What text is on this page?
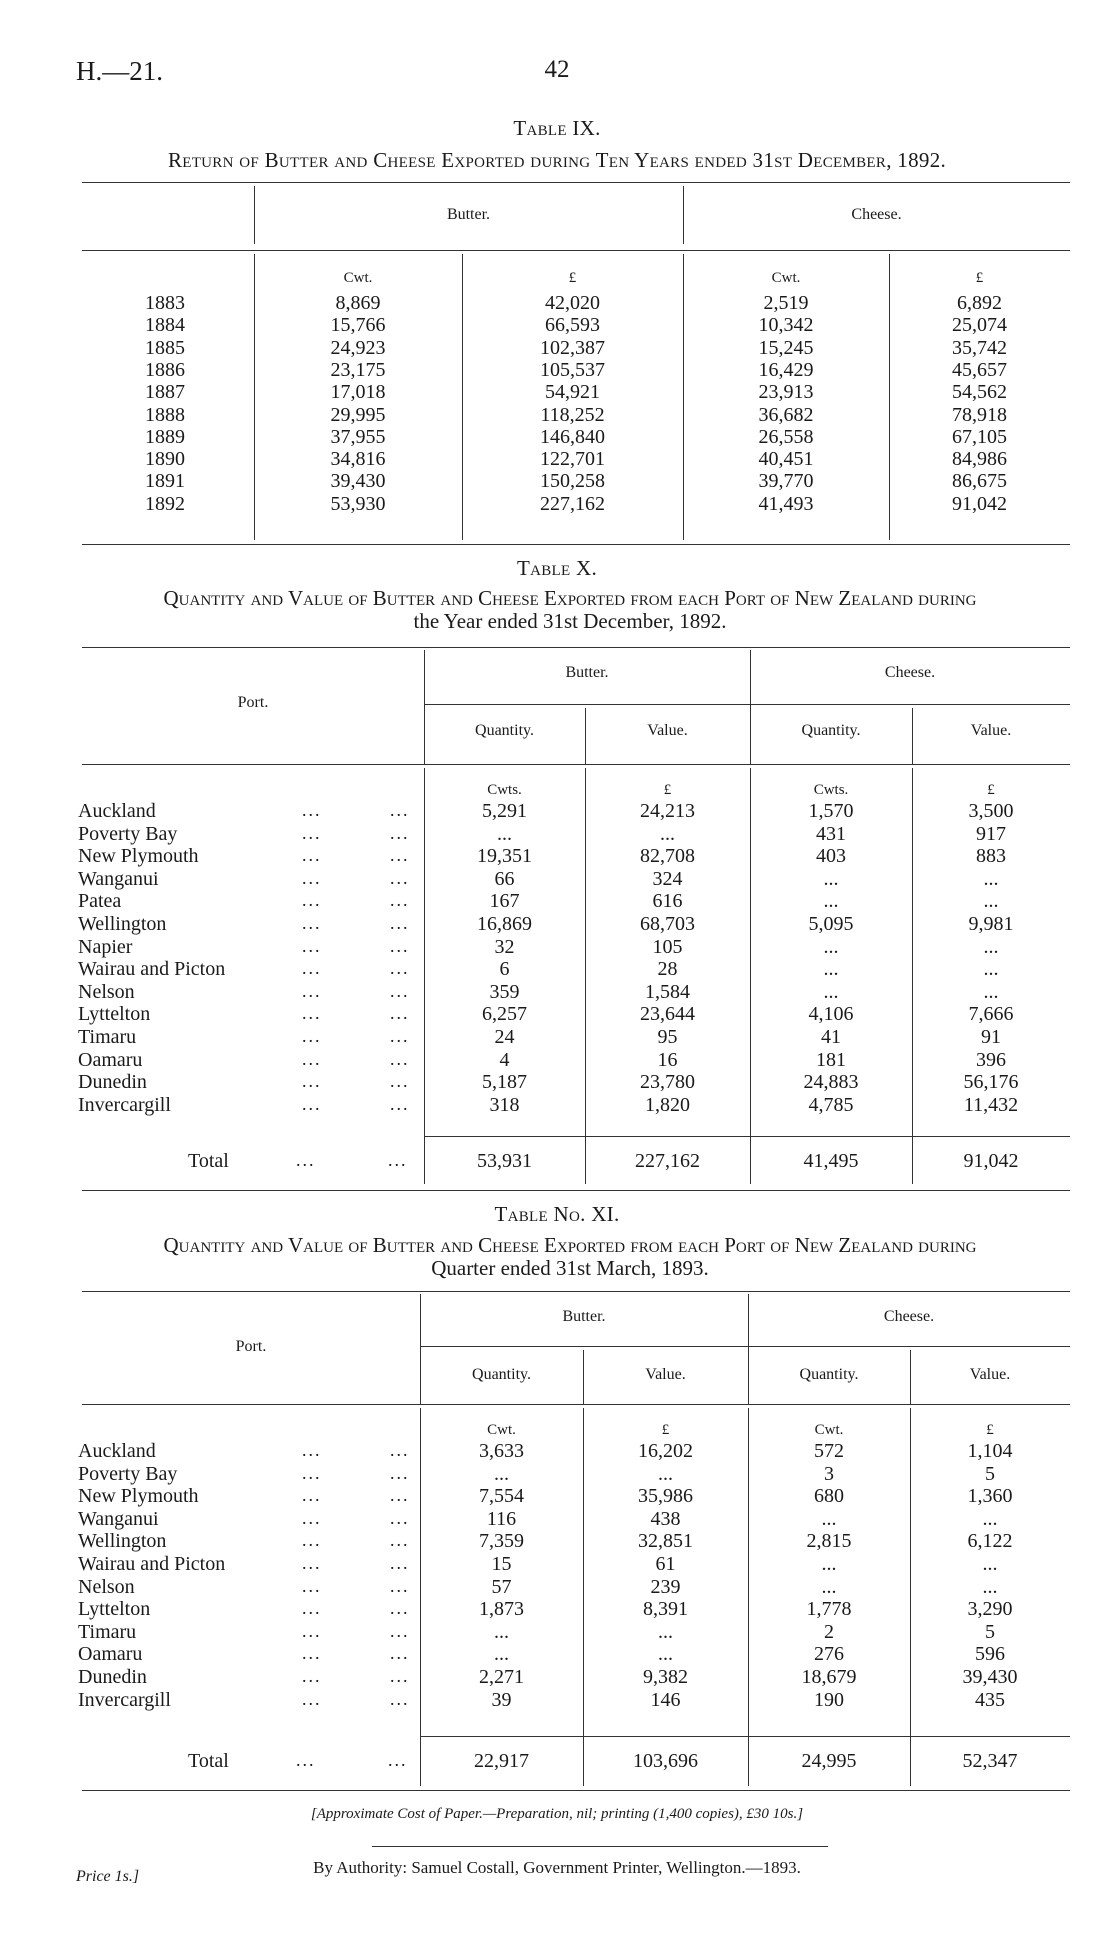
H.—21.	42
Table IX.
Return of Butter and Cheese Exported during Ten Years ended 31st December, 1892.
Butter.	Cheese.
Cwt.	£	Cwt.	£
1883	8,869	42,020	2,519	6,892
1884	15,766	66,593	10,342	25,074
1885	24,923	102,387	15,245	35,742
1886	23,175	105,537	16,429	45,657
1887	17,018	54,921	23,913	54,562
1888	29,995	118,252	36,682	78,918
1889	37,955	146,840	26,558	67,105
1890	34,816	122,701	40,451	84,986
1891	39,430	150,258	39,770	86,675
1892	53,930	227,162	41,493	91,042
Table X.
Quantity and Value of Butter and Cheese Exported from each Port of New Zealand during
the Year ended 31st December, 1892.
Port.
Butter.	Cheese.
Quantity.	Value.	Quantity.	Value.
Cwts.	£	Cwts.	£
Auckland	...	...	5,291	24,213	1,570	3,500
Poverty Bay	...	...	...	...	431	917
New Plymouth	...	...	19,351	82,708	403	883
Wanganui	...	...	66	324	...	...
Patea	...	...	167	616	...	...
Wellington	...	...	16,869	68,703	5,095	9,981
Napier	...	...	32	105	...	...
Wairau and Picton	...	...	6	28	...	...
Nelson	...	...	359	1,584	...	...
Lyttelton	...	...	6,257	23,644	4,106	7,666
Timaru	...	...	24	95	41	91
Oamaru	...	...	4	16	181	396
Dunedin	...	...	5,187	23,780	24,883	56,176
Invercargill	...	...	318	1,820	4,785	11,432
Total	...	...	53,931	227,162	41,495	91,042
Table No. XI.
Quantity and Value of Butter and Cheese Exported from each Port of New Zealand during
Quarter ended 31st March, 1893.
Port.
Butter.	Cheese.
Quantity.	Value.	Quantity.	Value.
Cwt.	£	Cwt.	£
Auckland	...	...	3,633	16,202	572	1,104
Poverty Bay	...	...	...	...	3	5
New Plymouth	...	...	7,554	35,986	680	1,360
Wanganui	...	...	116	438	...	...
Wellington	...	...	7,359	32,851	2,815	6,122
Wairau and Picton	...	...	15	61	...	...
Nelson	...	...	57	239	...	...
Lyttelton	...	...	1,873	8,391	1,778	3,290
Timaru	...	...	...	...	2	5
Oamaru	...	...	...	...	276	596
Dunedin	...	...	2,271	9,382	18,679	39,430
Invercargill	...	...	39	146	190	435
Total	...	...	22,917	103,696	24,995	52,347
[Approximate Cost of Paper.—Preparation, nil; printing (1,400 copies), £30 10s.]
By Authority: Samuel Costall, Government Printer, Wellington.—1893.
Price 1s.]
